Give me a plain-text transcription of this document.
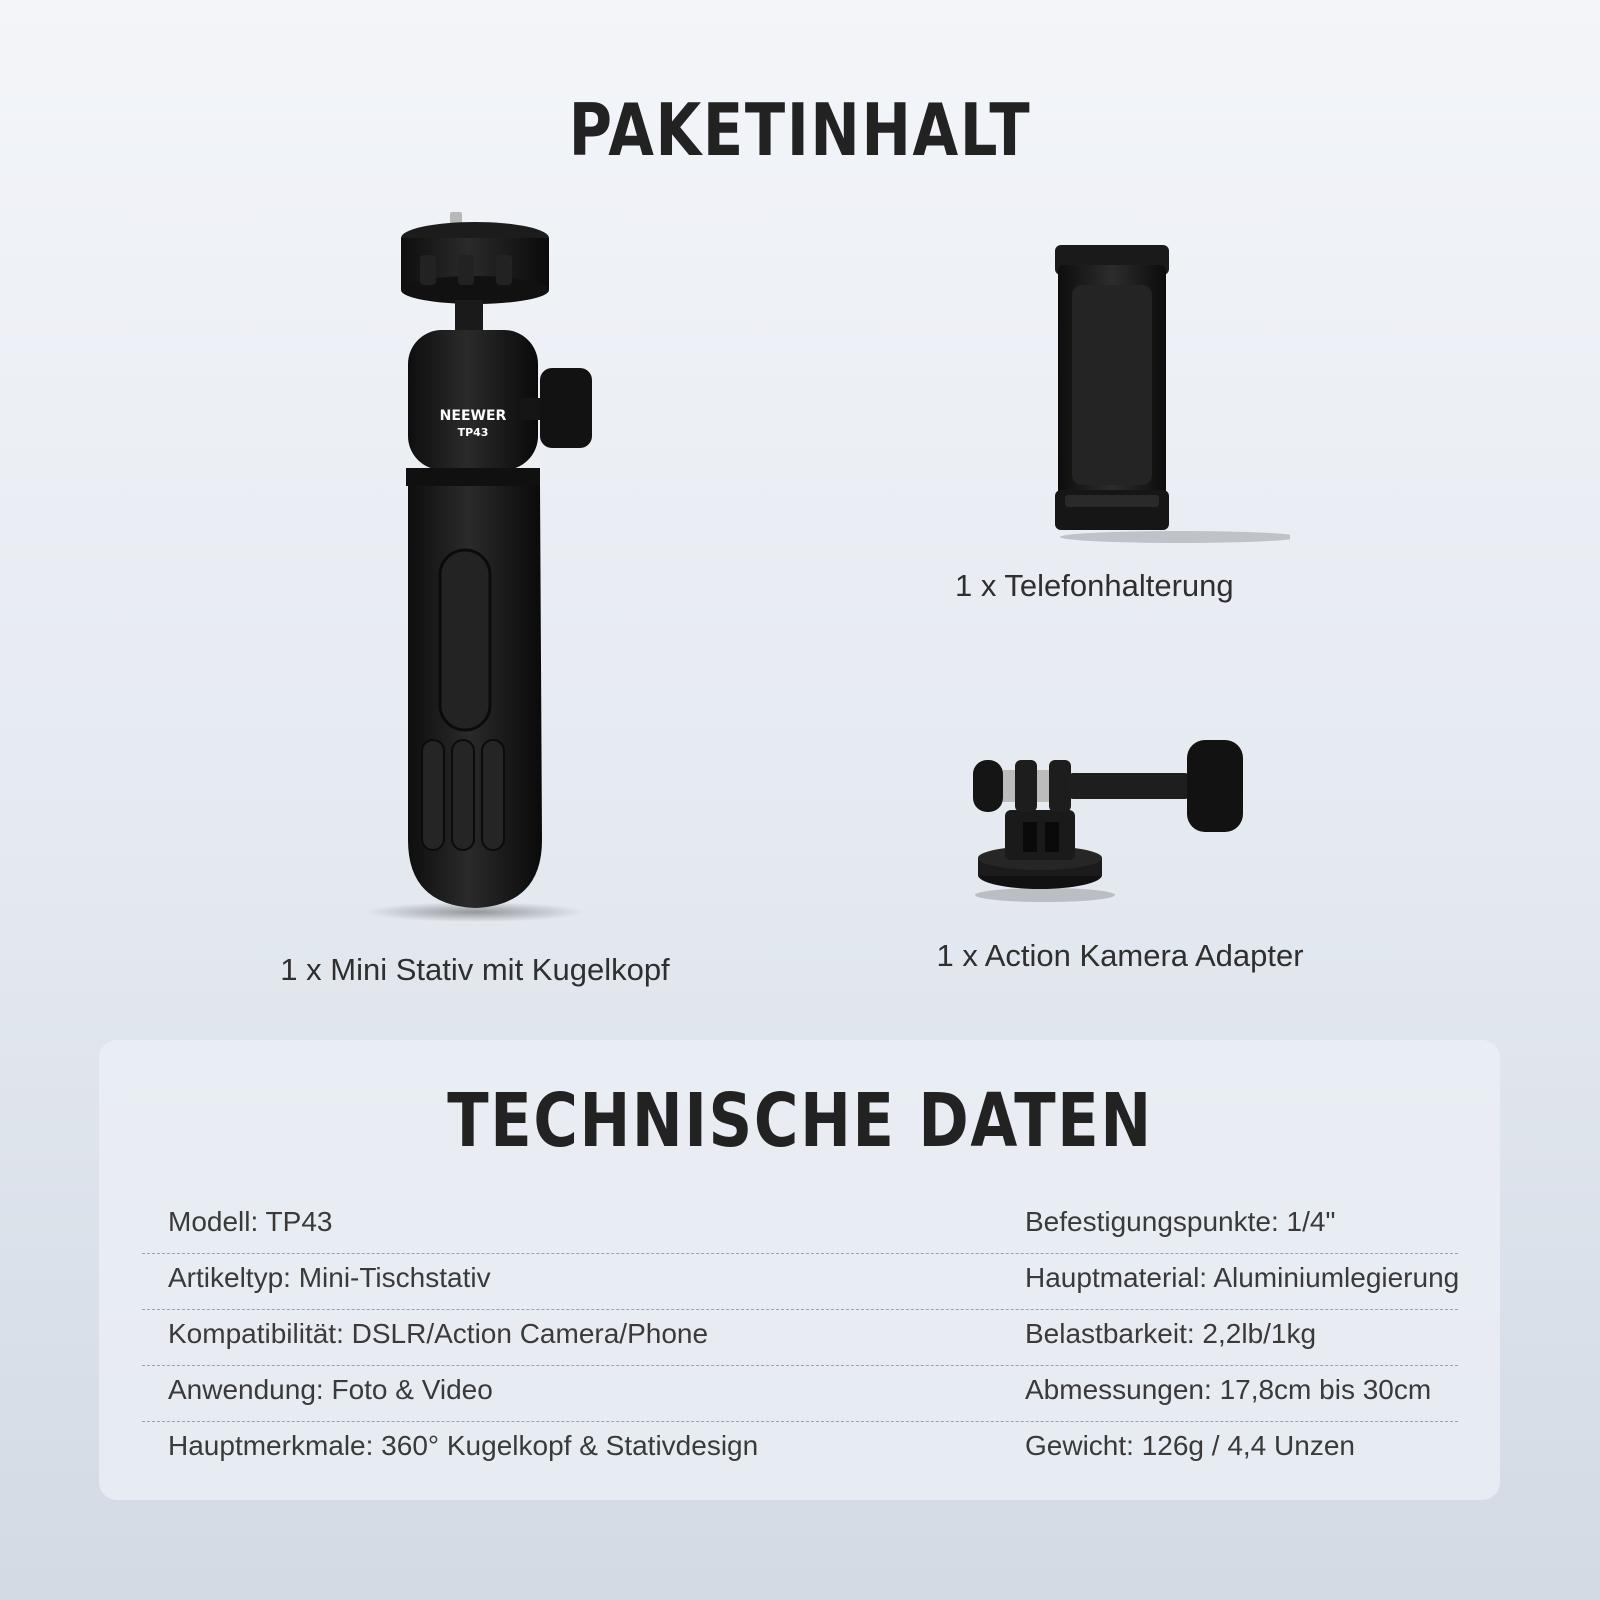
PAKETINHALT
NEEWER
TP43
1 x Mini Stativ mit Kugelkopf
1 x Telefonhalterung
1 x Action Kamera Adapter
TECHNISCHE DATEN
Modell: TP43	Befestigungspunkte: 1/4"
Artikeltyp: Mini-Tischstativ	Hauptmaterial: Aluminiumlegierung
Kompatibilität: DSLR/Action Camera/Phone	Belastbarkeit: 2,2lb/1kg
Anwendung: Foto & Video	Abmessungen: 17,8cm bis 30cm
Hauptmerkmale: 360° Kugelkopf & Stativdesign	Gewicht: 126g / 4,4 Unzen
